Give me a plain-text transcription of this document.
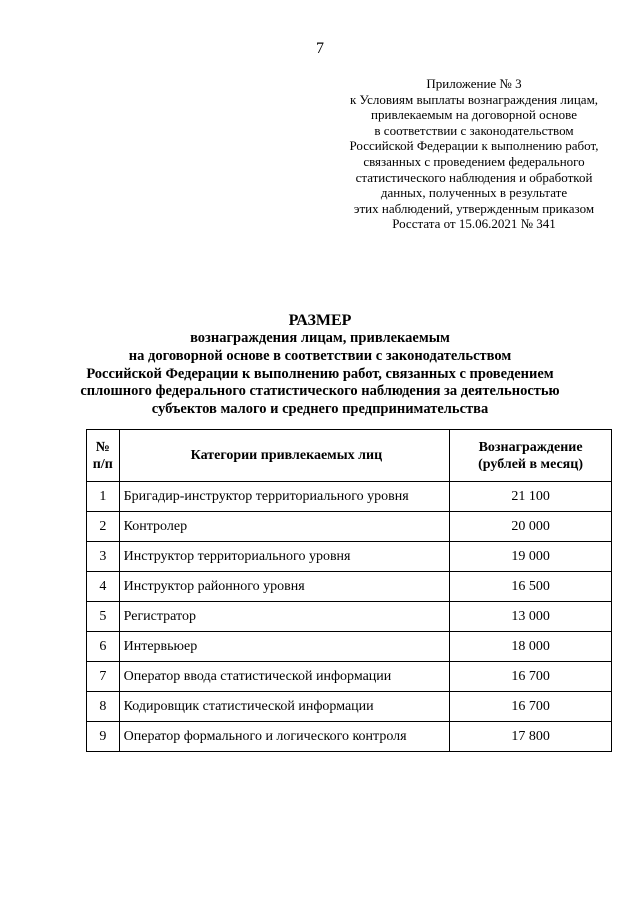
7
Приложение № 3
к Условиям выплаты вознаграждения лицам,
привлекаемым на договорной основе
в соответствии с законодательством
Российской Федерации к выполнению работ,
связанных с проведением федерального
статистического наблюдения и обработкой
данных, полученных в результате
этих наблюдений, утвержденным приказом
Росстата от 15.06.2021 № 341
РАЗМЕР
вознаграждения лицам, привлекаемым
на договорной основе в соответствии с законодательством
Российской Федерации к выполнению работ, связанных с проведением
сплошного федерального статистического наблюдения за деятельностью
субъектов малого и среднего предпринимательства
№
п/п	Категории привлекаемых лиц	Вознаграждение
(рублей в месяц)

1	Бригадир-инструктор территориального уровня	21 100
2	Контролер	20 000
3	Инструктор территориального уровня	19 000
4	Инструктор районного уровня	16 500
5	Регистратор	13 000
6	Интервьюер	18 000
7	Оператор ввода статистической информации	16 700
8	Кодировщик статистической информации	16 700
9	Оператор формального и логического контроля	17 800
